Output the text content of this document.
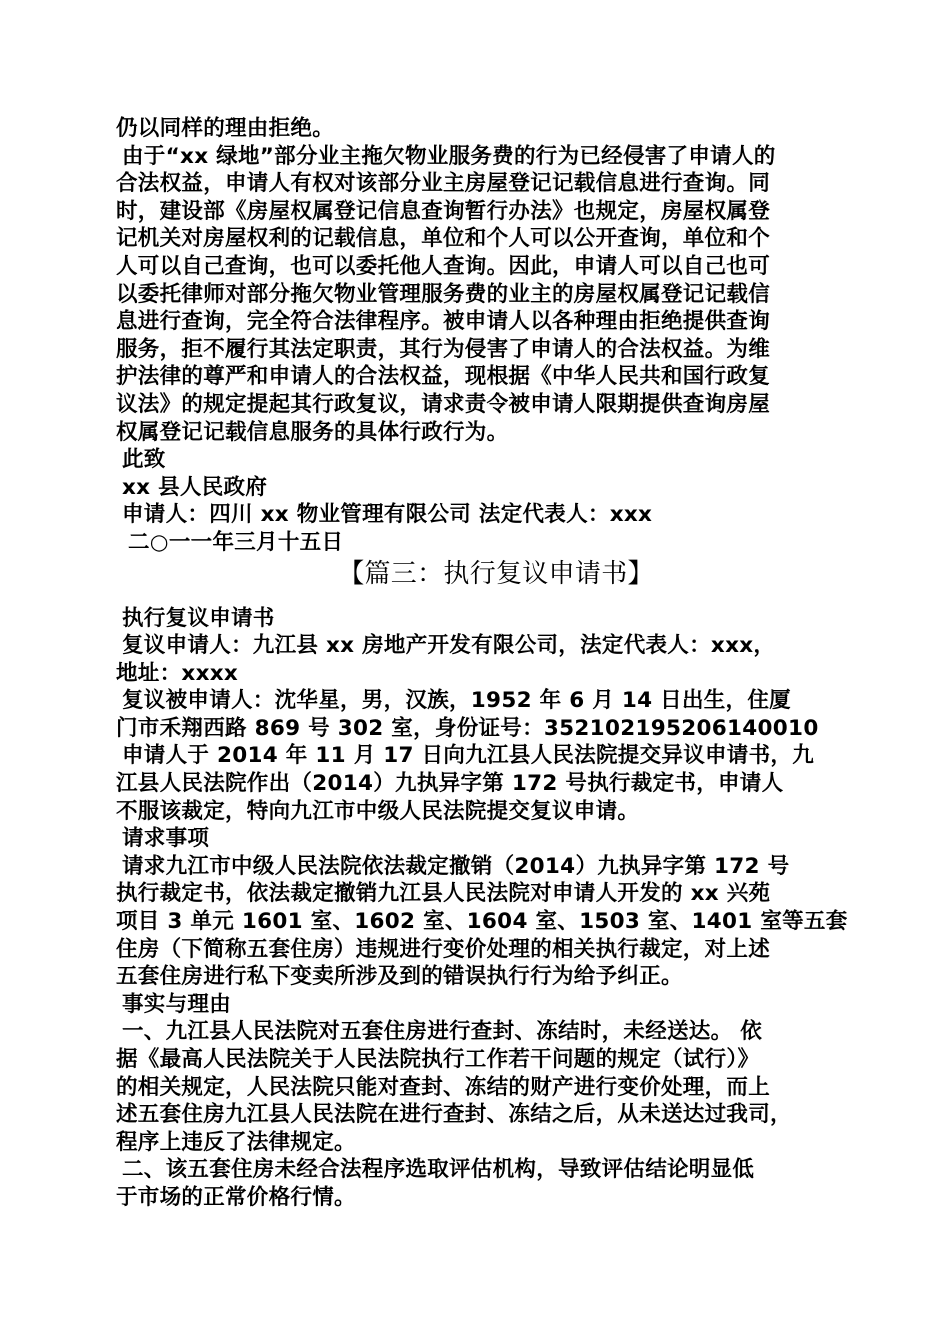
仍以同样的理由拒绝。
由于“xx 绿地”部分业主拖欠物业服务费的行为已经侵害了申请人的
合法权益，申请人有权对该部分业主房屋登记记载信息进行查询。同
时，建设部《房屋权属登记信息查询暂行办法》也规定，房屋权属登
记机关对房屋权利的记载信息，单位和个人可以公开查询，单位和个
人可以自己查询，也可以委托他人查询。因此，申请人可以自己也可
以委托律师对部分拖欠物业管理服务费的业主的房屋权属登记记载信
息进行查询，完全符合法律程序。被申请人以各种理由拒绝提供查询
服务，拒不履行其法定职责，其行为侵害了申请人的合法权益。为维
护法律的尊严和申请人的合法权益，现根据《中华人民共和国行政复
议法》的规定提起其行政复议，请求责令被申请人限期提供查询房屋
权属登记记载信息服务的具体行政行为。
此致
xx 县人民政府
申请人：四川 xx 物业管理有限公司 法定代表人：xxx
二○一一年三月十五日
【篇三：执行复议申请书】
执行复议申请书
复议申请人：九江县 xx 房地产开发有限公司，法定代表人：xxx，
地址：xxxx
复议被申请人：沈华星，男，汉族，1952 年 6 月 14 日出生，住厦
门市禾翔西路 869 号 302 室，身份证号：352102195206140010
申请人于 2014 年 11 月 17 日向九江县人民法院提交异议申请书，九
江县人民法院作出（2014）九执异字第 172 号执行裁定书，申请人
不服该裁定，特向九江市中级人民法院提交复议申请。
请求事项
请求九江市中级人民法院依法裁定撤销（2014）九执异字第 172 号
执行裁定书，依法裁定撤销九江县人民法院对申请人开发的 xx 兴苑
项目 3 单元 1601 室、1602 室、1604 室、1503 室、1401 室等五套
住房（下简称五套住房）违规进行变价处理的相关执行裁定，对上述
五套住房进行私下变卖所涉及到的错误执行行为给予纠正。
事实与理由
一、九江县人民法院对五套住房进行查封、冻结时，未经送达。 依
据《最高人民法院关于人民法院执行工作若干问题的规定（试行）》
的相关规定，人民法院只能对查封、冻结的财产进行变价处理，而上
述五套住房九江县人民法院在进行查封、冻结之后，从未送达过我司，
程序上违反了法律规定。
二、该五套住房未经合法程序选取评估机构，导致评估结论明显低
于市场的正常价格行情。
